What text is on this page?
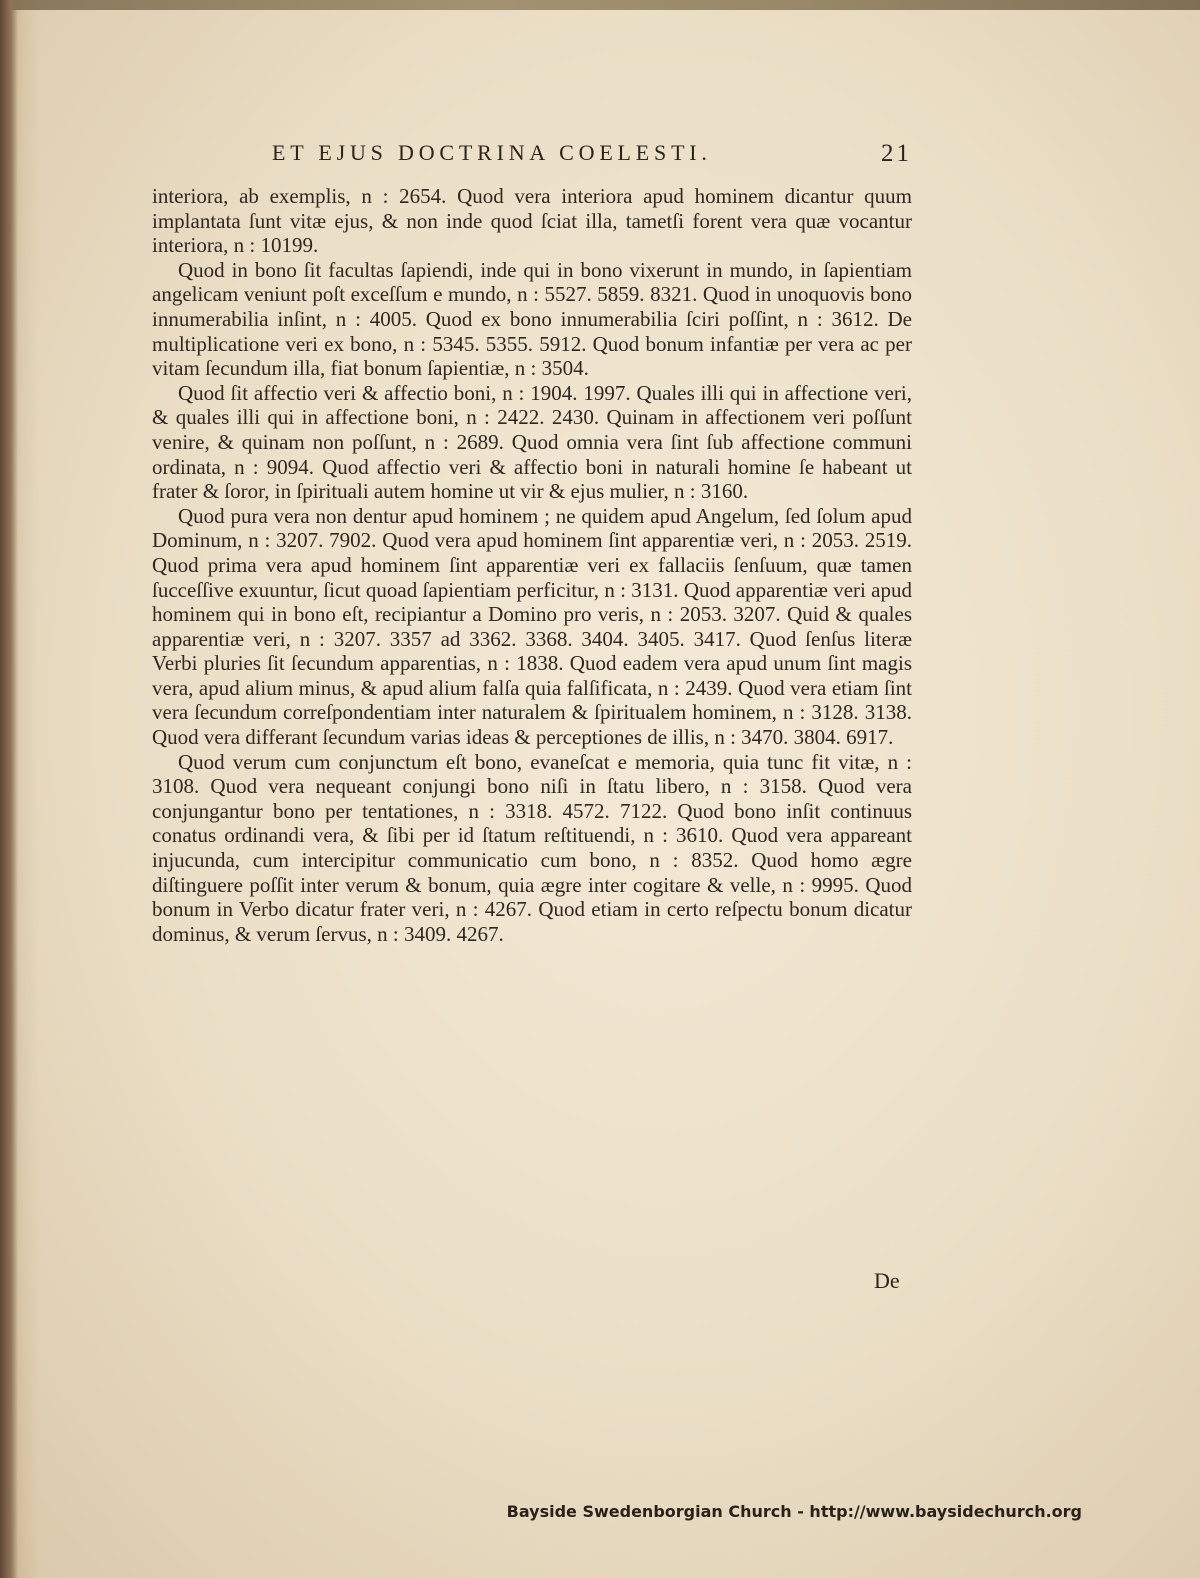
ET EJUS DOCTRINA COELESTI.	21

interiora, ab exemplis, n : 2654. Quod vera interiora apud hominem dicantur quum implantata ſunt vitæ ejus, & non inde quod ſciat illa, tametſi forent vera quæ vocantur interiora, n : 10199.

Quod in bono ſit facultas ſapiendi, inde qui in bono vixerunt in mundo, in ſapientiam angelicam veniunt poſt exceſſum e mundo, n : 5527. 5859. 8321. Quod in unoquovis bono innumerabilia inſint, n : 4005. Quod ex bono innumerabilia ſciri poſſint, n : 3612. De multiplicatione veri ex bono, n : 5345. 5355. 5912. Quod bonum infantiæ per vera ac per vitam ſecundum illa, fiat bonum ſapientiæ, n : 3504.

Quod ſit affectio veri & affectio boni, n : 1904. 1997. Quales illi qui in affectione veri, & quales illi qui in affectione boni, n : 2422. 2430. Quinam in affectionem veri poſſunt venire, & quinam non poſſunt, n : 2689. Quod omnia vera ſint ſub affectione communi ordinata, n : 9094. Quod affectio veri & affectio boni in naturali homine ſe habeant ut frater & ſoror, in ſpirituali autem homine ut vir & ejus mulier, n : 3160.

Quod pura vera non dentur apud hominem ; ne quidem apud Angelum, ſed ſolum apud Dominum, n : 3207. 7902. Quod vera apud hominem ſint apparentiæ veri, n : 2053. 2519. Quod prima vera apud hominem ſint apparentiæ veri ex fallaciis ſenſuum, quæ tamen ſucceſſive exuuntur, ſicut quoad ſapientiam perficitur, n : 3131. Quod apparentiæ veri apud hominem qui in bono eſt, recipiantur a Domino pro veris, n : 2053. 3207. Quid & quales apparentiæ veri, n : 3207. 3357 ad 3362. 3368. 3404. 3405. 3417. Quod ſenſus literæ Verbi pluries ſit ſecundum apparentias, n : 1838. Quod eadem vera apud unum ſint magis vera, apud alium minus, & apud alium falſa quia falſificata, n : 2439. Quod vera etiam ſint vera ſecundum correſpondentiam inter naturalem & ſpiritualem hominem, n : 3128. 3138. Quod vera differant ſecundum varias ideas & perceptiones de illis, n : 3470. 3804. 6917.

Quod verum cum conjunctum eſt bono, evaneſcat e memoria, quia tunc fit vitæ, n : 3108. Quod vera nequeant conjungi bono niſi in ſtatu libero, n : 3158. Quod vera conjungantur bono per tentationes, n : 3318. 4572. 7122. Quod bono inſit continuus conatus ordinandi vera, & ſibi per id ſtatum reſtituendi, n : 3610. Quod vera appareant injucunda, cum intercipitur communicatio cum bono, n : 8352. Quod homo ægre diſtinguere poſſit inter verum & bonum, quia ægre inter cogitare & velle, n : 9995. Quod bonum in Verbo dicatur frater veri, n : 4267. Quod etiam in certo reſpectu bonum dicatur dominus, & verum ſervus, n : 3409. 4267.

De
Bayside Swedenborgian Church - http://www.baysidechurch.org
